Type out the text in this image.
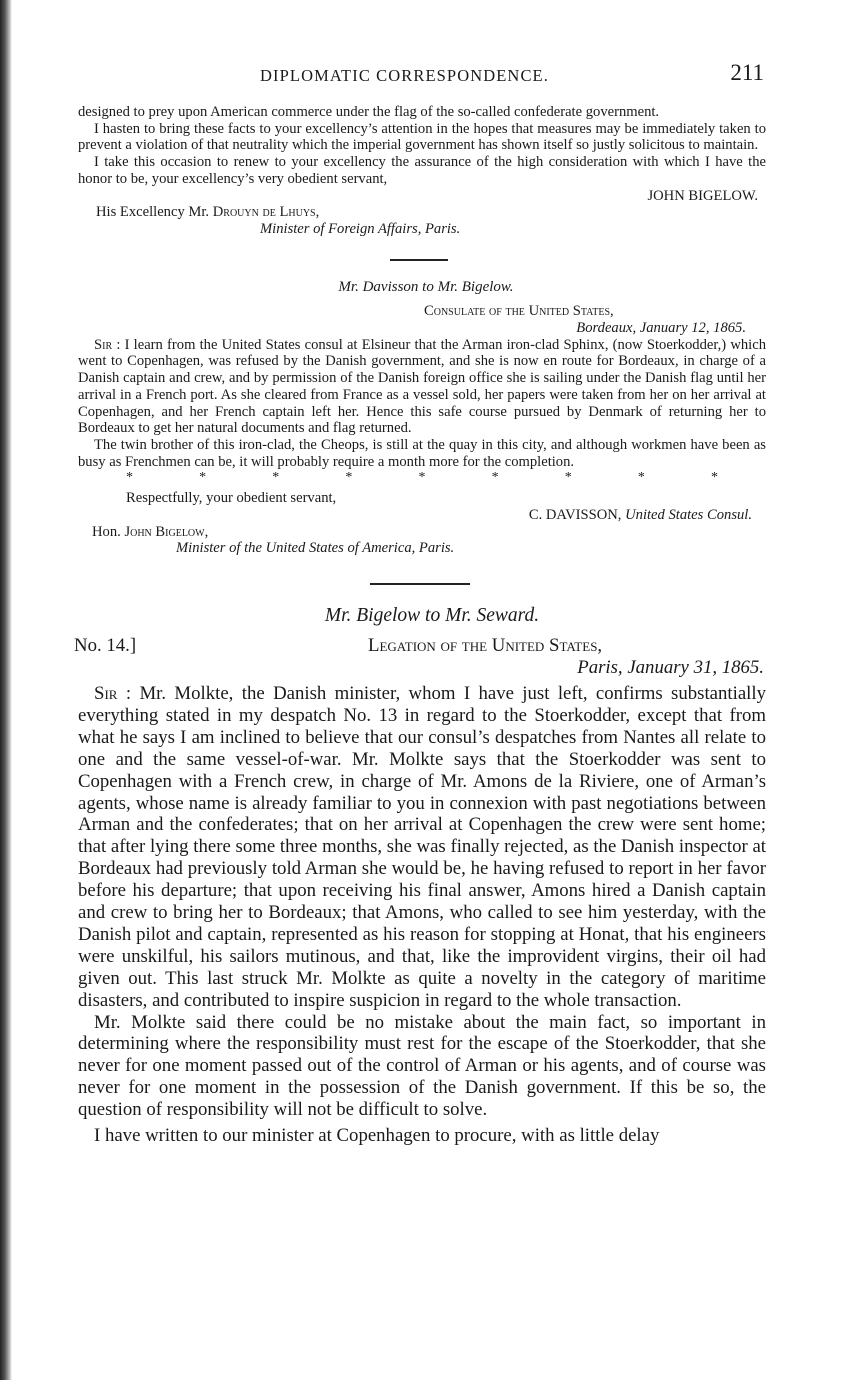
DIPLOMATIC CORRESPONDENCE.	211

designed to prey upon American commerce under the flag of the so-called confederate government.

I hasten to bring these facts to your excellency’s attention in the hopes that measures may be immediately taken to prevent a violation of that neutrality which the imperial government has shown itself so justly solicitous to maintain.

I take this occasion to renew to your excellency the assurance of the high consideration with which I have the honor to be, your excellency’s very obedient servant,

JOHN BIGELOW.
His Excellency Mr. Drouyn de Lhuys,
Minister of Foreign Affairs, Paris.
Mr. Davisson to Mr. Bigelow.
Consulate of the United States,
Bordeaux, January 12, 1865.

Sir : I learn from the United States consul at Elsineur that the Arman iron-clad Sphinx, (now Stoerkodder,) which went to Copenhagen, was refused by the Danish government, and she is now en route for Bordeaux, in charge of a Danish captain and crew, and by permission of the Danish foreign office she is sailing under the Danish flag until her arrival in a French port. As she cleared from France as a vessel sold, her papers were taken from her on her arrival at Copenhagen, and her French captain left her. Hence this safe course pursued by Denmark of returning her to Bordeaux to get her natural documents and flag returned.

The twin brother of this iron-clad, the Cheops, is still at the quay in this city, and although workmen have been as busy as Frenchmen can be, it will probably require a month more for the completion.

*	*	*	*	*	*	*	*	*
Respectfully, your obedient servant,
C. DAVISSON, United States Consul.
Hon. John Bigelow,
Minister of the United States of America, Paris.
Mr. Bigelow to Mr. Seward.
No. 14.]	Legation of the United States,
Paris, January 31, 1865.

Sir : Mr. Molkte, the Danish minister, whom I have just left, confirms substantially everything stated in my despatch No. 13 in regard to the Stoerkodder, except that from what he says I am inclined to believe that our consul’s despatches from Nantes all relate to one and the same vessel-of-war. Mr. Molkte says that the Stoerkodder was sent to Copenhagen with a French crew, in charge of Mr. Amons de la Riviere, one of Arman’s agents, whose name is already familiar to you in connexion with past negotiations between Arman and the confederates; that on her arrival at Copenhagen the crew were sent home; that after lying there some three months, she was finally rejected, as the Danish inspector at Bordeaux had previously told Arman she would be, he having refused to report in her favor before his departure; that upon receiving his final answer, Amons hired a Danish captain and crew to bring her to Bordeaux; that Amons, who called to see him yesterday, with the Danish pilot and captain, represented as his reason for stopping at Honat, that his engineers were unskilful, his sailors mutinous, and that, like the improvident virgins, their oil had given out. This last struck Mr. Molkte as quite a novelty in the category of maritime disasters, and contributed to inspire suspicion in regard to the whole transaction.

Mr. Molkte said there could be no mistake about the main fact, so important in determining where the responsibility must rest for the escape of the Stoerkodder, that she never for one moment passed out of the control of Arman or his agents, and of course was never for one moment in the possession of the Danish government. If this be so, the question of responsibility will not be difficult to solve.

I have written to our minister at Copenhagen to procure, with as little delay
